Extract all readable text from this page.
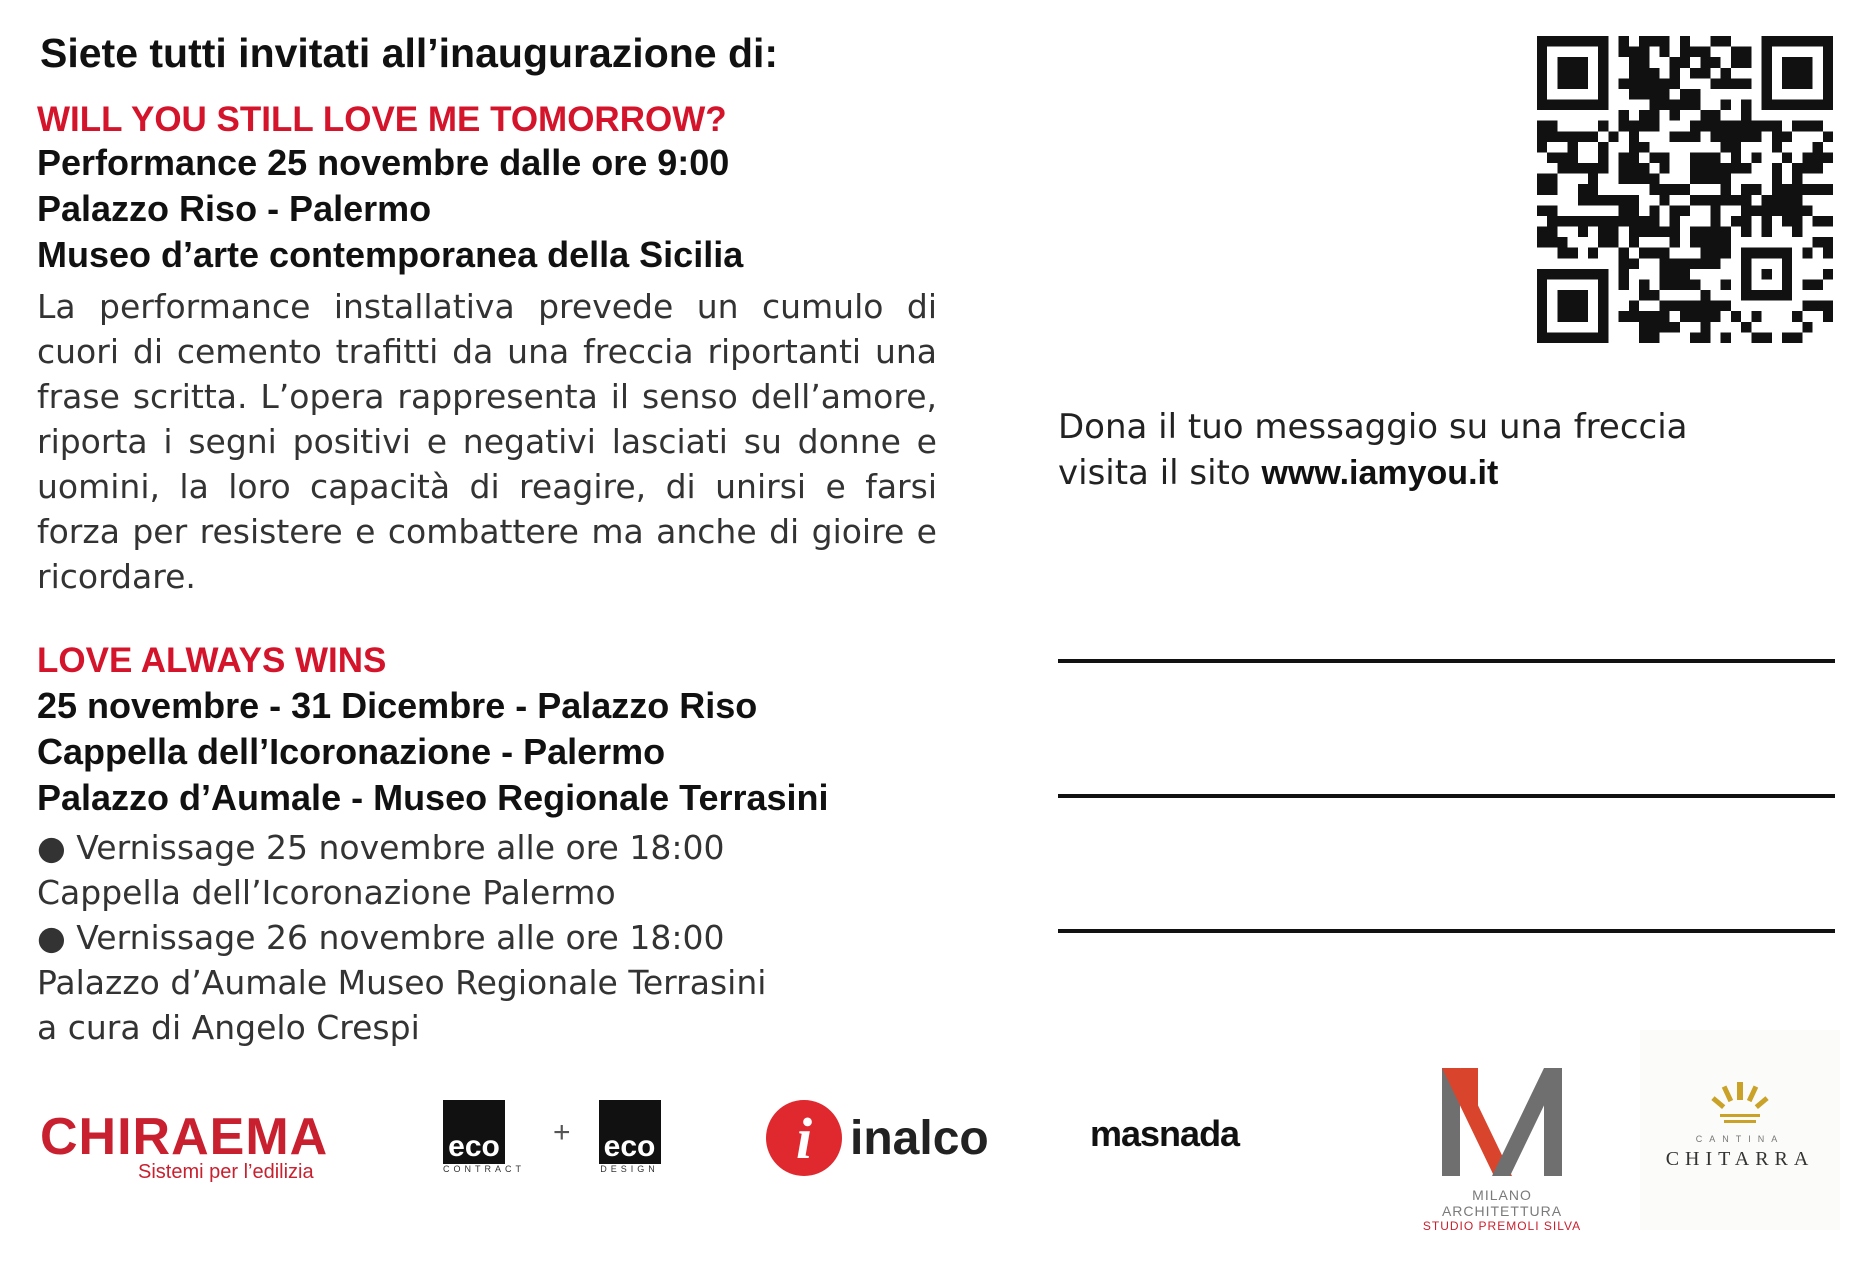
Siete tutti invitati all’inaugurazione di:
WILL YOU STILL LOVE ME TOMORROW?
Performance 25 novembre dalle ore 9:00
Palazzo Riso - Palermo
Museo d’arte contemporanea della Sicilia
La performance installativa prevede un cumulo di cuori di cemento trafitti da una freccia riportanti una frase scritta. L’opera rappresenta il senso dell’amore, riporta i segni positivi e negativi lasciati su donne e uomini, la loro capacità di reagire, di unirsi e farsi forza per resistere e combattere ma anche di gioire e ricordare.
LOVE ALWAYS WINS
25 novembre - 31 Dicembre - Palazzo Riso
Cappella dell’Icoronazione - Palermo
Palazzo d’Aumale - Museo Regionale Terrasini
● Vernissage 25 novembre alle ore 18:00
Cappella dell’Icoronazione Palermo
● Vernissage 26 novembre alle ore 18:00
Palazzo d’Aumale Museo Regionale Terrasini
a cura di Angelo Crespi
Dona il tuo messaggio su una freccia
visita il sito www.iamyou.it
CHIRAEMA
Sistemi per l’edilizia
eco
CONTRACT
+ eco
DESIGN	i inalco	masnada
MILANO ARCHITETTURA
STUDIO PREMOLI SILVA
CANTINA
CHITARRA
